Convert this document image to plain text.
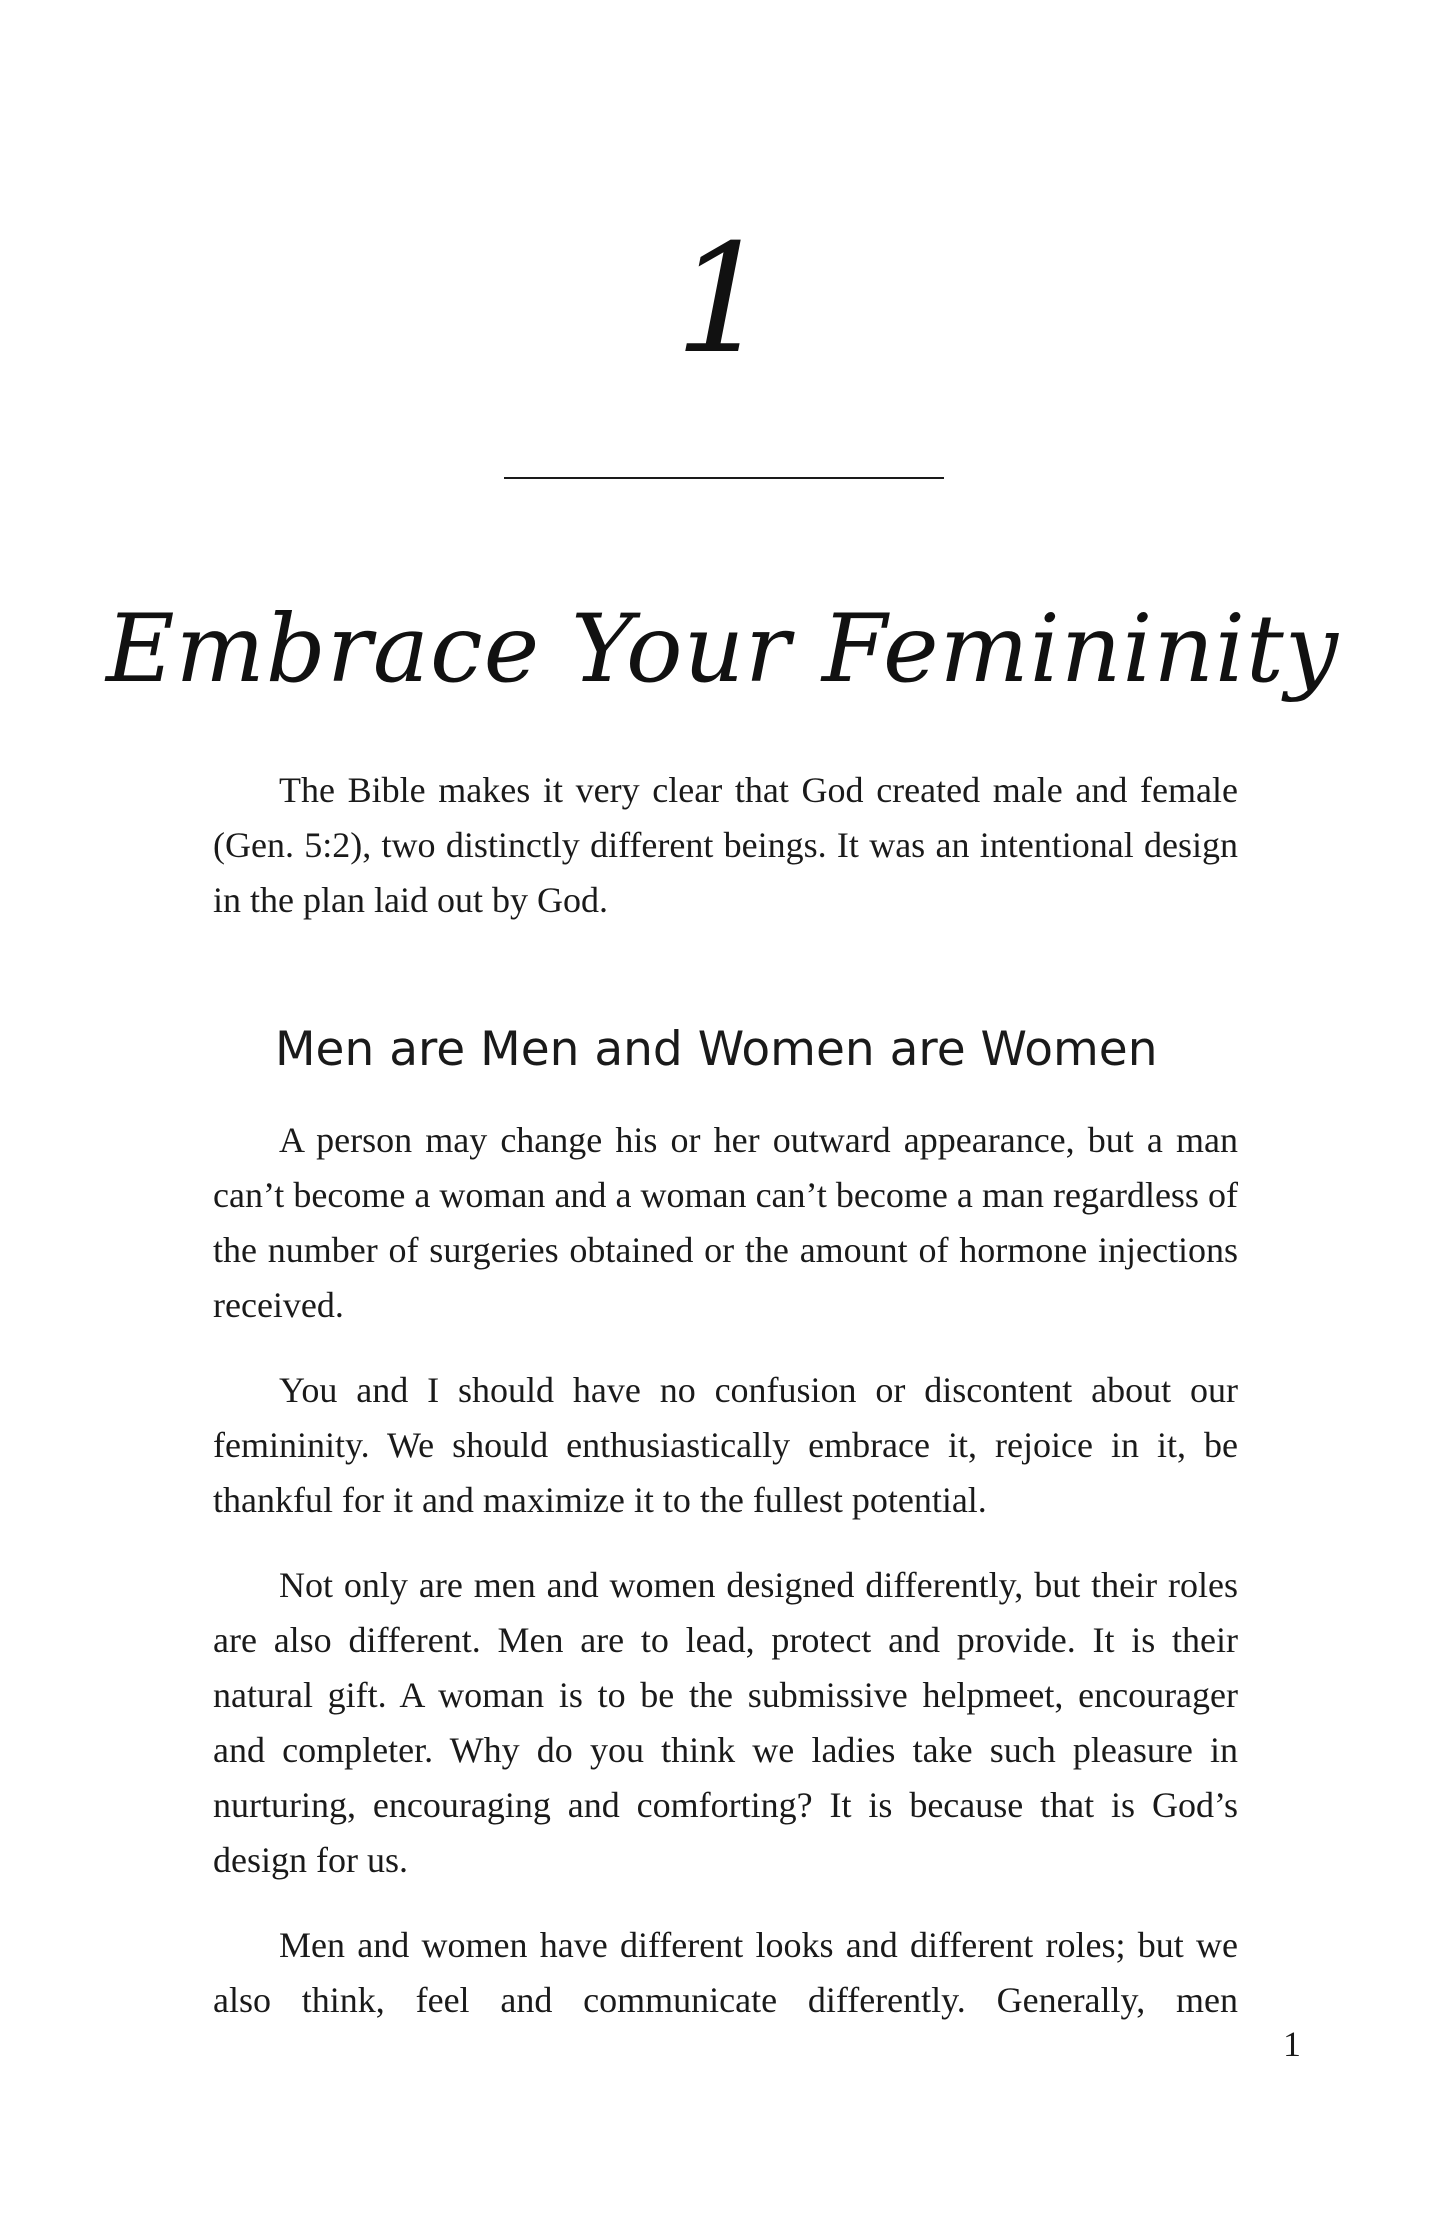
1
Embrace Your Femininity

The Bible makes it very clear that God created male and female (Gen. 5:2), two distinctly different beings. It was an intentional design in the plan laid out by God.

Men are Men and Women are Women

A person may change his or her outward appearance, but a man can’t become a woman and a woman can’t become a man regardless of the number of surgeries obtained or the amount of hormone injections received.

You and I should have no confusion or discontent about our femininity. We should enthusiastically embrace it, rejoice in it, be thankful for it and maximize it to the fullest potential.

Not only are men and women designed differently, but their roles are also different. Men are to lead, protect and provide. It is their natural gift. A woman is to be the submissive helpmeet, encourager and completer. Why do you think we ladies take such pleasure in nurturing, encouraging and comforting? It is because that is God’s design for us.

Men and women have different looks and different roles; but we also think, feel and communicate differently. Generally, men

1
